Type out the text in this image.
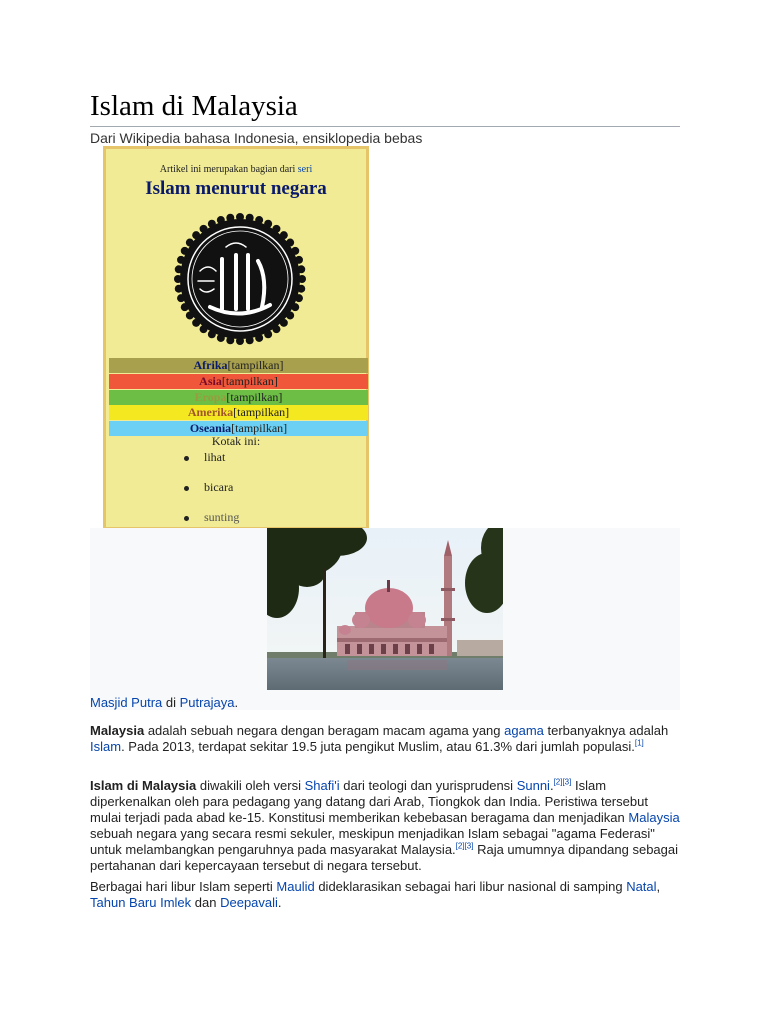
Islam di Malaysia
Dari Wikipedia bahasa Indonesia, ensiklopedia bebas
Artikel ini merupakan bagian dari seri
Islam menurut negara
Afrika[tampilkan]
Asia[tampilkan]
Eropa[tampilkan]
Amerika[tampilkan]
Oseania[tampilkan]
Kotak ini:
lihat
bicara
sunting
Masjid Putra di Putrajaya.

Malaysia adalah sebuah negara dengan beragam macam agama yang agama terbanyaknya adalah Islam. Pada 2013, terdapat sekitar 19.5 juta pengikut Muslim, atau 61.3% dari jumlah populasi.[1]

Islam di Malaysia diwakili oleh versi Shafi'i dari teologi dan yurisprudensi Sunni.[2][3] Islam diperkenalkan oleh para pedagang yang datang dari Arab, Tiongkok dan India. Peristiwa tersebut mulai terjadi pada abad ke-15. Konstitusi memberikan kebebasan beragama dan menjadikan Malaysia sebuah negara yang secara resmi sekuler, meskipun menjadikan Islam sebagai "agama Federasi" untuk melambangkan pengaruhnya pada masyarakat Malaysia.[2][3] Raja umumnya dipandang sebagai pertahanan dari kepercayaan tersebut di negara tersebut.

Berbagai hari libur Islam seperti Maulid dideklarasikan sebagai hari libur nasional di samping Natal, Tahun Baru Imlek dan Deepavali.
